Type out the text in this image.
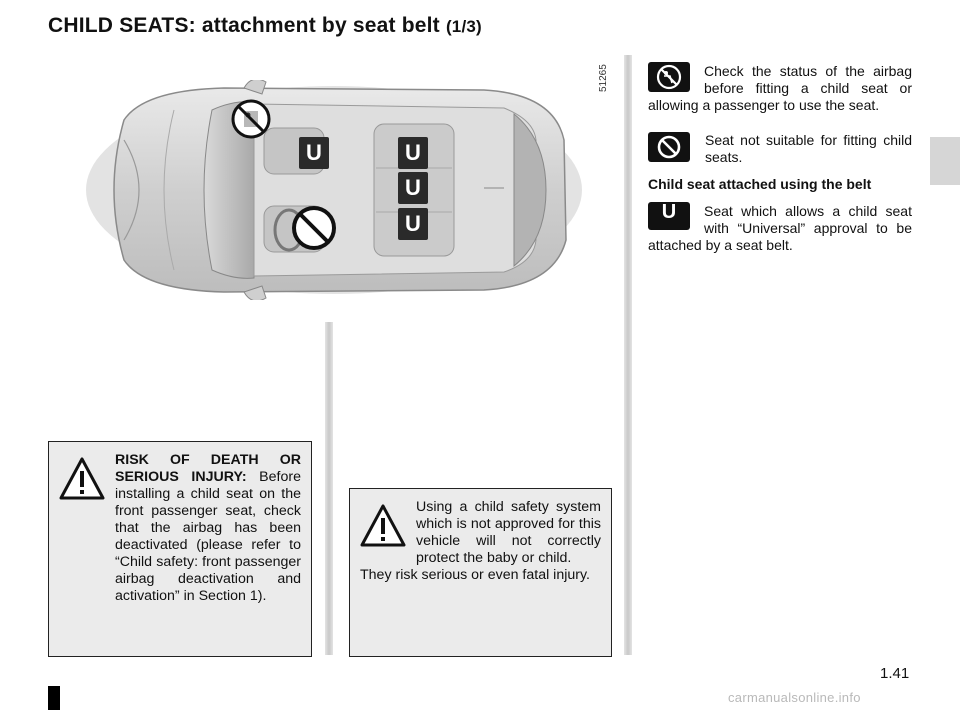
CHILD SEATS: attachment by seat belt (1/3)
51265
U	U
U
U
Check the status of the airbag before fitting a child seat or allowing a passenger to use the seat.
Seat not suitable for fitting child seats.
Child seat attached using the belt
U	Seat which allows a child seat with “Universal” approval to be attached by a seat belt.
RISK OF DEATH OR SERIOUS INJURY: Before installing a child seat on the front passenger seat, check that the airbag has been deactivated (please refer to “Child safety: front passenger airbag deactivation and activation” in Section 1).
Using a child safety system which is not approved for this vehicle will not correctly protect the baby or child.
They risk serious or even fatal injury.
1.41
carmanualsonline.info
